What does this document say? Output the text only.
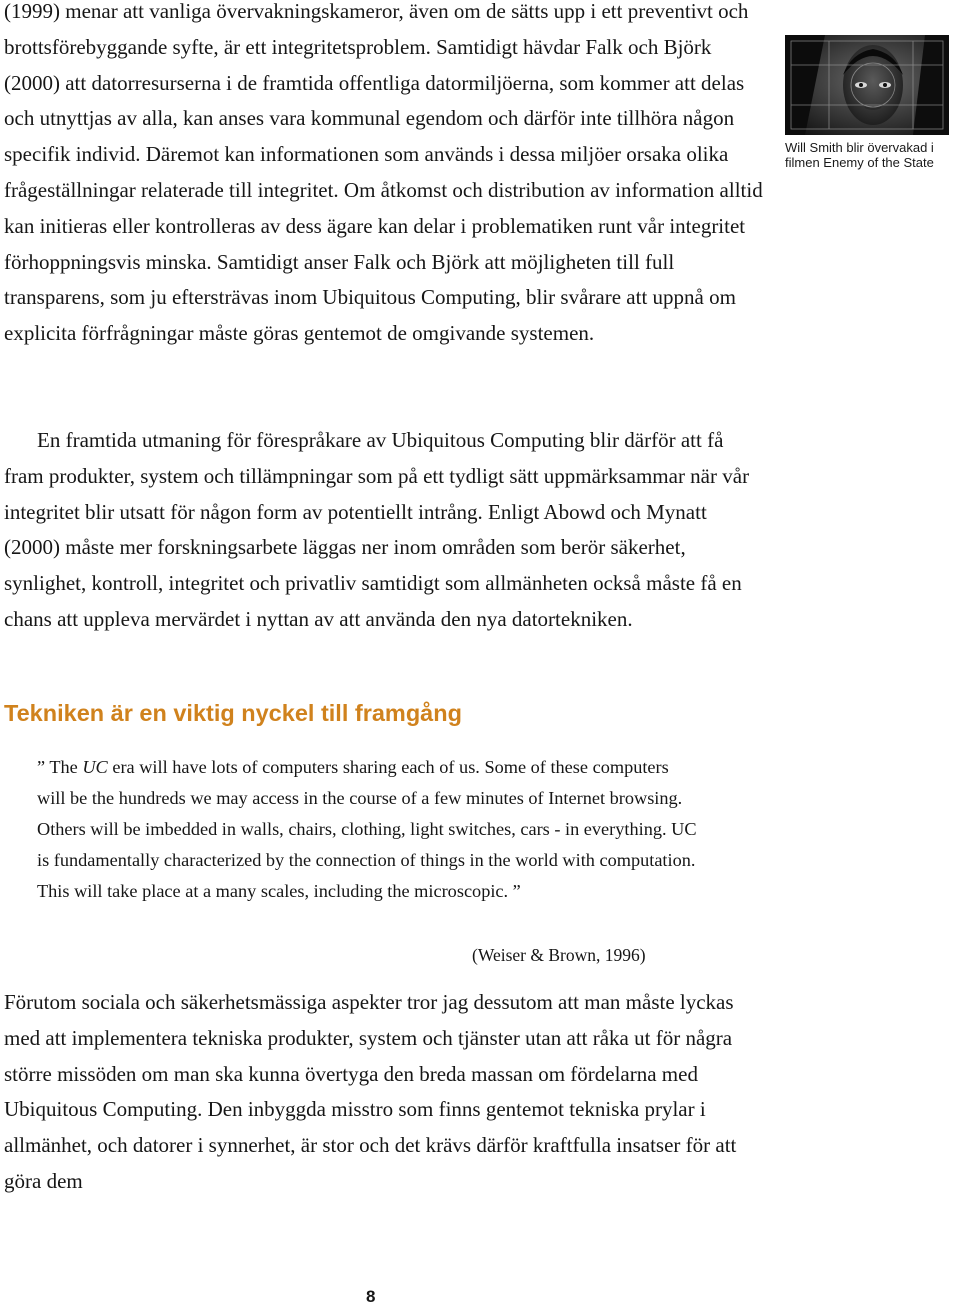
(1999) menar att vanliga övervakningskameror, även om de sätts upp i ett preventivt och brottsförebyggande syfte, är ett integritetsproblem. Samtidigt hävdar Falk och Björk (2000) att datorresurserna i de framtida offentliga datormiljöerna, som kommer att delas och utnyttjas av alla, kan anses vara kommunal egendom och därför inte tillhöra någon specifik individ. Däremot kan informationen som används i dessa miljöer orsaka olika frågeställningar relaterade till integritet. Om åtkomst och distribution av information alltid kan initieras eller kontrolleras av dess ägare kan delar i problematiken runt vår integritet förhoppningsvis minska. Samtidigt anser Falk och Björk att möjligheten till full transparens, som ju eftersträvas inom Ubiquitous Computing, blir svårare att uppnå om explicita förfrågningar måste göras gentemot de omgivande systemen.

En framtida utmaning för förespråkare av Ubiquitous Computing blir därför att få fram produkter, system och tillämpningar som på ett tydligt sätt uppmärksammar när vår integritet blir utsatt för någon form av potentiellt intrång. Enligt Abowd och Mynatt (2000) måste mer forskningsarbete läggas ner inom områden som berör säkerhet, synlighet, kontroll, integritet och privatliv samtidigt som allmänheten också måste få en chans att uppleva mervärdet i nyttan av att använda den nya datortekniken.

Tekniken är en viktig nyckel till framgång
” The UC era will have lots of computers sharing each of us. Some of these computers will be the hundreds we may access in the course of a few minutes of Internet browsing. Others will be imbedded in walls, chairs, clothing, light switches, cars - in everything. UC is fundamentally characterized by the connection of things in the world with computation. This will take place at a many scales, including the microscopic. ”

(Weiser & Brown, 1996)

Förutom sociala och säkerhetsmässiga aspekter tror jag dessutom att man måste lyckas med att implementera tekniska produkter, system och tjänster utan att råka ut för några större missöden om man ska kunna övertyga den breda massan om fördelarna med Ubiquitous Computing. Den inbyggda misstro som finns gentemot tekniska prylar i allmänhet, och datorer i synnerhet, är stor och det krävs därför kraftfulla insatser för att göra dem

Will Smith blir övervakad i filmen Enemy of the State

8
